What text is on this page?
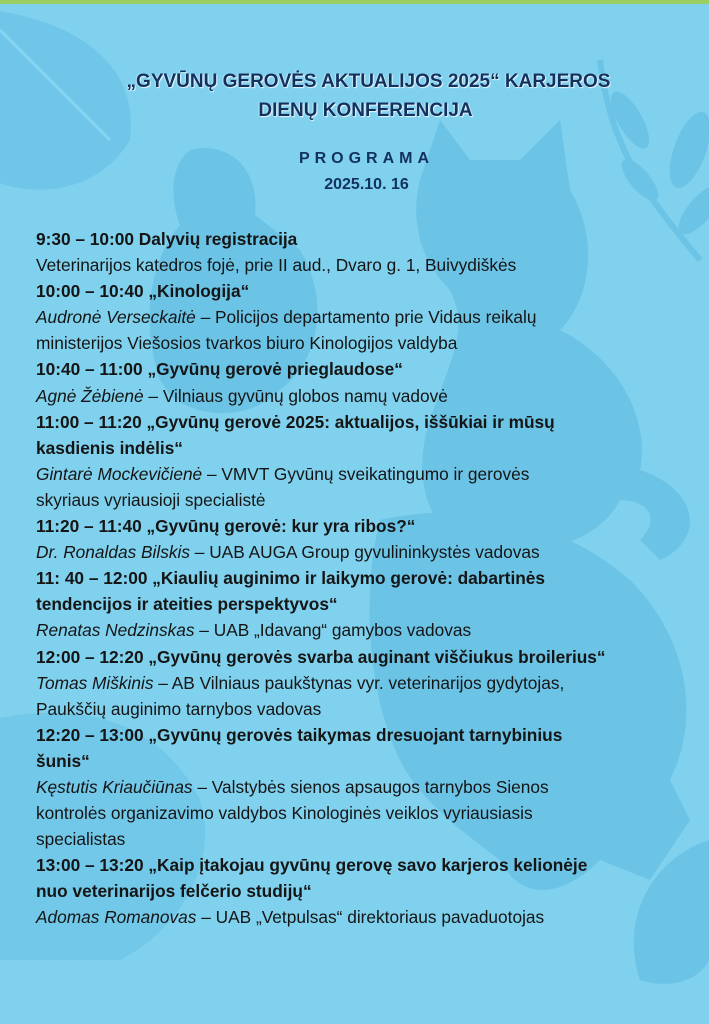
„GYVŪNŲ GEROVĖS AKTUALIJOS 2025“ KARJEROS
DIENŲ KONFERENCIJA
PROGRAMA
2025.10. 16
9:30 – 10:00 Dalyvių registracija
Veterinarijos katedros fojė, prie II aud., Dvaro g. 1, Buivydiškės
10:00 – 10:40 „Kinologija“
Audronė Verseckaitė – Policijos departamento prie Vidaus reikalų
ministerijos Viešosios tvarkos biuro Kinologijos valdyba
10:40 – 11:00 „Gyvūnų gerovė prieglaudose“
Agnė Žėbienė – Vilniaus gyvūnų globos namų vadovė
11:00 – 11:20 „Gyvūnų gerovė 2025: aktualijos, iššūkiai ir mūsų
kasdienis indėlis“
Gintarė Mockevičienė – VMVT Gyvūnų sveikatingumo ir gerovės
skyriaus vyriausioji specialistė
11:20 – 11:40 „Gyvūnų gerovė: kur yra ribos?“
Dr. Ronaldas Bilskis – UAB AUGA Group gyvulininkystės vadovas
11: 40 – 12:00 „Kiaulių auginimo ir laikymo gerovė: dabartinės
tendencijos ir ateities perspektyvos“
Renatas Nedzinskas – UAB „Idavang“ gamybos vadovas
12:00 – 12:20 „Gyvūnų gerovės svarba auginant viščiukus broilerius“
Tomas Miškinis – AB Vilniaus paukštynas vyr. veterinarijos gydytojas,
Paukščių auginimo tarnybos vadovas
12:20 – 13:00 „Gyvūnų gerovės taikymas dresuojant tarnybinius
šunis“
Kęstutis Kriaučiūnas – Valstybės sienos apsaugos tarnybos Sienos
kontrolės organizavimo valdybos Kinologinės veiklos vyriausiasis
specialistas
13:00 – 13:20 „Kaip įtakojau gyvūnų gerovę savo karjeros kelionėje
nuo veterinarijos felčerio studijų“
Adomas Romanovas – UAB „Vetpulsas“ direktoriaus pavaduotojas
